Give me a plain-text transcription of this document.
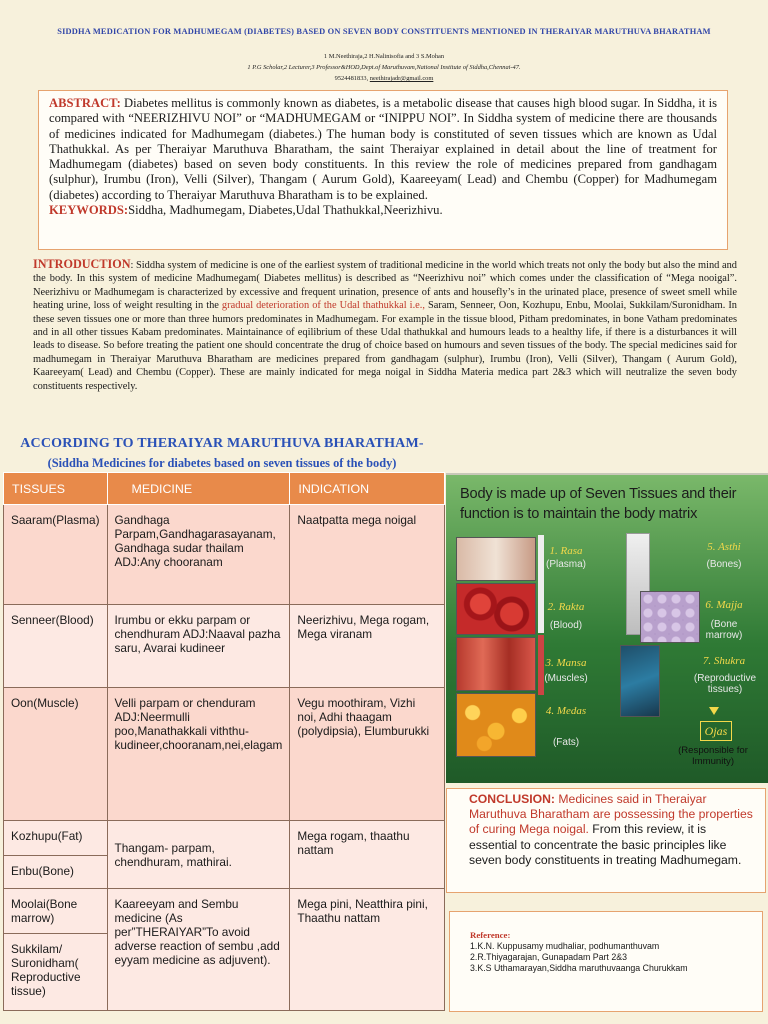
SIDDHA MEDICATION FOR MADHUMEGAM (DIABETES) BASED ON SEVEN BODY CONSTITUENTS MENTIONED IN THERAIYAR MARUTHUVA BHARATHAM
1 M.Neethiraja,2 H.Nalinisofia and 3 S.Mohan
1 P.G Scholar,2 Lecturer,3 Professor&HOD,Dept.of Maruthuvam,National Institute of Siddha,Chennai-47.
9524481833, neethirajadr@gmail.com
ABSTRACT: Diabetes mellitus is commonly known as diabetes, is a metabolic disease that causes high blood sugar. In Siddha, it is compared with “NEERIZHIVU NOI” or “MADHUMEGAM or “INIPPU NOI”. In Siddha system of medicine there are thousands of medicines indicated for Madhumegam (diabetes.) The human body is constituted of seven tissues which are known as Udal Thathukkal. As per Theraiyar Maruthuva Bharatham, the saint Theraiyar explained in detail about the line of treatment for Madhumegam (diabetes) based on seven body constituents. In this review the role of medicines prepared from gandhagam (sulphur), Irumbu (Iron), Velli (Silver), Thangam ( Aurum Gold), Kaareeyam( Lead) and Chembu (Copper) for Madhumegam (diabetes) according to Theraiyar Maruthuva Bharatham is to be explained.
KEYWORDS:Siddha, Madhumegam, Diabetes,Udal Thathukkal,Neerizhivu.
INTRODUCTION: Siddha system of medicine is one of the earliest system of traditional medicine in the world which treats not only the body but also the mind and the body. In this system of medicine Madhumegam( Diabetes mellitus) is described as “Neerizhivu noi” which comes under the classification of “Mega nooigal”. Neerizhivu or Madhumegam is characterized by excessive and frequent urination, presence of ants and housefly’s in the urinated place, presence of sweet smell while heating urine, loss of weight resulting in the gradual deterioration of the Udal thathukkal i.e., Saram, Senneer, Oon, Kozhupu, Enbu, Moolai, Sukkilam/Suronidham. In these seven tissues one or more than three humors predominates in Madhumegam. For example in the tissue blood, Pitham predominates, in bone Vatham predominates and in all other tissues Kabam predominates. Maintainance of eqilibrium of these Udal thathukkal and humours leads to a healthy life, if there is a disturbances it will leads to disease. So before treating the patient one should concentrate the drug of choice based on humours and seven tissues of the body. The special medicines said for madhumegam in Theraiyar Maruthuva Bharatham are medicines prepared from gandhagam (sulphur), Irumbu (Iron), Velli (Silver), Thangam ( Aurum Gold), Kaareeyam( Lead) and Chembu (Copper). These are mainly indicated for mega noigal in Siddha Materia medica part 2&3 which will neutralize the seven body constituents respectively.
ACCORDING TO THERAIYAR MARUTHUVA BHARATHAM-
(Siddha Medicines for diabetes based on seven tissues of the body)
TISSUES	MEDICINE	INDICATION
Saaram(Plasma)	Gandhaga Parpam,Gandhagarasayanam, Gandhaga sudar thailam ADJ:Any chooranam	Naatpatta mega noigal
Senneer(Blood)	Irumbu or ekku parpam or chendhuram ADJ:Naaval pazha saru, Avarai kudineer	Neerizhivu, Mega rogam, Mega viranam
Oon(Muscle)	Velli parpam or chenduram ADJ:Neermulli poo,Manathakkali viththu-kudineer,chooranam,nei,elagam	Vegu moothiram, Vizhi noi, Adhi thaagam (polydipsia), Elumburukki
Kozhupu(Fat)	Thangam- parpam, chendhuram, mathirai.	Mega rogam, thaathu nattam
Enbu(Bone)		
Moolai(Bone marrow)	Kaareeyam and Sembu medicine (As per”THERAIYAR”To avoid adverse reaction of sembu ,add eyyam medicine as adjuvent).	Mega pini, Neatthira pini, Thaathu nattam
Sukkilam/ Suronidham( Reproductive tissue)		
Body is made up of Seven Tissues and their function is to maintain the body matrix
1. Rasa
(Plasma)
2. Rakta
(Blood)
3. Mansa
(Muscles)
4. Medas
(Fats)
5. Asthi
(Bones)
6. Majja
(Bone marrow)
7. Shukra
(Reproductive tissues)
Ojas
(Responsible for Immunity)
CONCLUSION: Medicines said in Theraiyar Maruthuva Bharatham are possessing the properties of curing Mega noigal. From this review, it is essential to concentrate the basic principles like seven body constituents in treating Madhumegam.
Reference:
1.K.N. Kuppusamy mudhaliar, podhumanthuvam
2.R.Thiyagarajan, Gunapadam Part 2&3
3.K.S Uthamarayan,Siddha maruthuvaanga Churukkam
